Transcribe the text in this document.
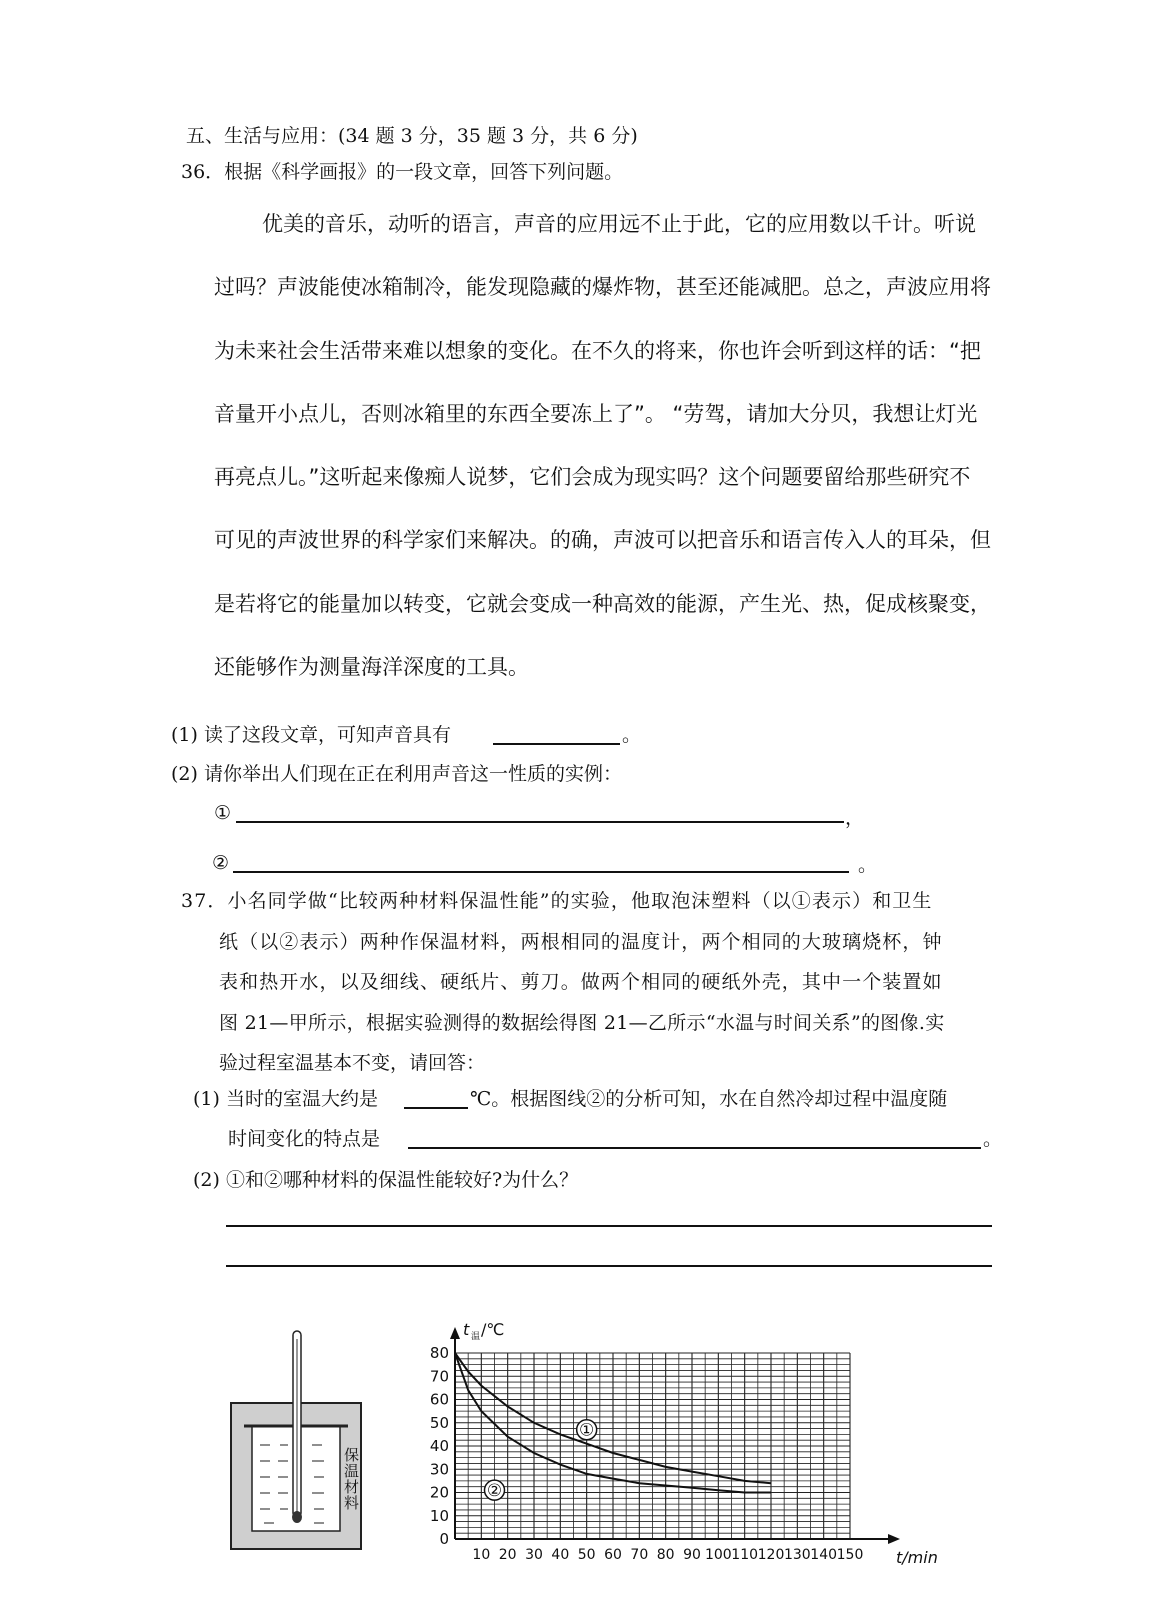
五、生活与应用：(34 题 3 分，35 题 3 分，共 6 分)
36．根据《科学画报》的一段文章，回答下列问题。
优美的音乐，动听的语言，声音的应用远不止于此，它的应用数以千计。听说
过吗？声波能使冰箱制冷，能发现隐藏的爆炸物，甚至还能减肥。总之，声波应用将
为未来社会生活带来难以想象的变化。在不久的将来，你也许会听到这样的话：“把
音量开小点儿，否则冰箱里的东西全要冻上了”。 “劳驾，请加大分贝，我想让灯光
再亮点儿。”这听起来像痴人说梦，它们会成为现实吗？这个问题要留给那些研究不
可见的声波世界的科学家们来解决。的确，声波可以把音乐和语言传入人的耳朵，但
是若将它的能量加以转变，它就会变成一种高效的能源，产生光、热，促成核聚变，
还能够作为测量海洋深度的工具。
(1) 读了这段文章，可知声音具有	。
(2) 请你举出人们现在正在利用声音这一性质的实例：
①	，
②	。
37．小名同学做“比较两种材料保温性能”的实验，他取泡沫塑料（以①表示）和卫生
纸（以②表示）两种作保温材料，两根相同的温度计，两个相同的大玻璃烧杯，钟
表和热开水，以及细线、硬纸片、剪刀。做两个相同的硬纸外壳，其中一个装置如
图 21—甲所示，根据实验测得的数据绘得图 21—乙所示“水温与时间关系”的图像.实
验过程室温基本不变，请回答：
(1) 当时的室温大约是	℃。根据图线②的分析可知，水在自然冷却过程中温度随
时间变化的特点是	。
(2) ①和②哪种材料的保温性能较好?为什么？
保温材料
0
10
20
30
40
50
60
70
80
10 20 30 40 50 60 70 80 90 100 110 120 130 140 150
t 温 /℃
t/min
①
②
